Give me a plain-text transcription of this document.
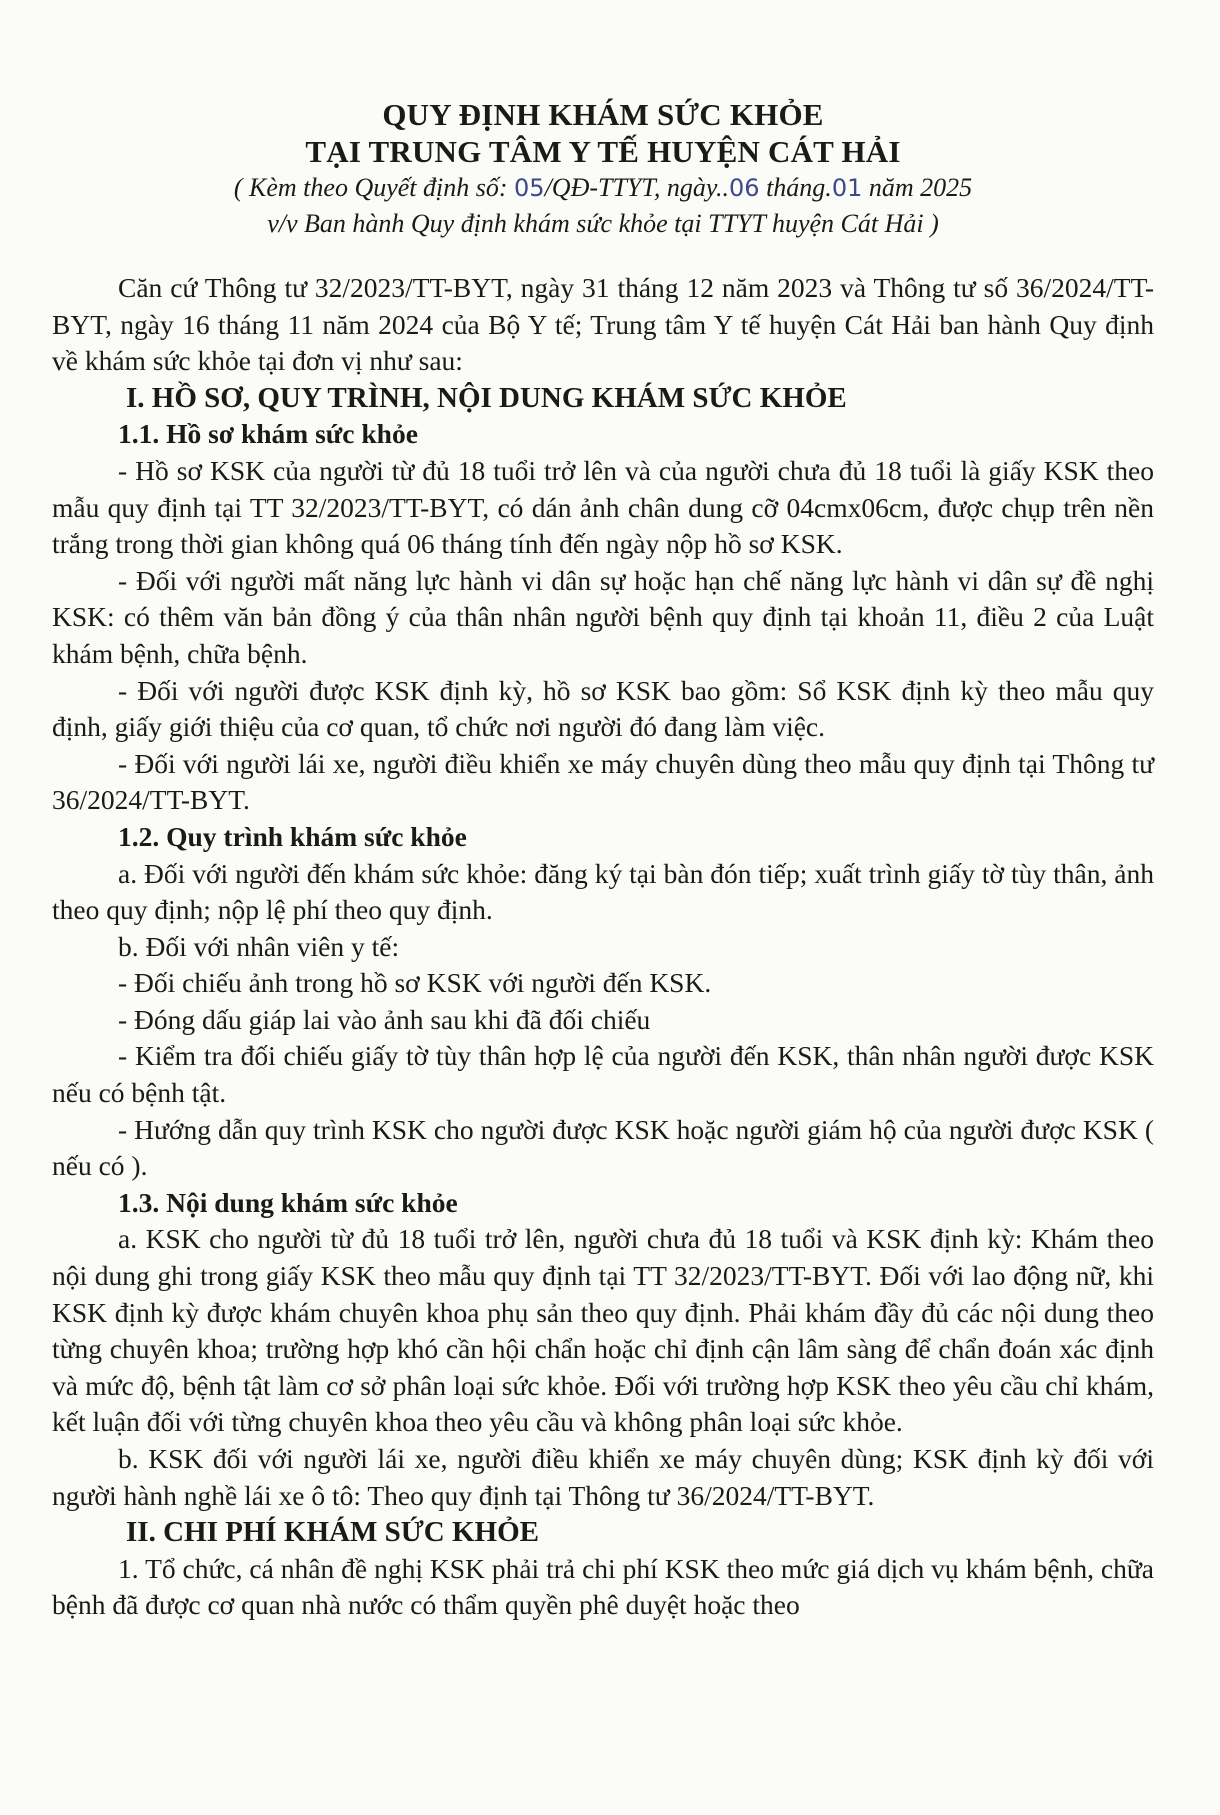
QUY ĐỊNH KHÁM SỨC KHỎE

TẠI TRUNG TÂM Y TẾ HUYỆN CÁT HẢI

( Kèm theo Quyết định số: 05/QĐ-TTYT, ngày..06 tháng.01 năm 2025

v/v Ban hành Quy định khám sức khỏe tại TTYT huyện Cát Hải )

Căn cứ Thông tư 32/2023/TT-BYT, ngày 31 tháng 12 năm 2023 và Thông tư số 36/2024/TT-BYT, ngày 16 tháng 11 năm 2024 của Bộ Y tế; Trung tâm Y tế huyện Cát Hải ban hành Quy định về khám sức khỏe tại đơn vị như sau:

I. HỒ SƠ, QUY TRÌNH, NỘI DUNG KHÁM SỨC KHỎE

1.1. Hồ sơ khám sức khỏe

- Hồ sơ KSK của người từ đủ 18 tuổi trở lên và của người chưa đủ 18 tuổi là giấy KSK theo mẫu quy định tại TT 32/2023/TT-BYT, có dán ảnh chân dung cỡ 04cmx06cm, được chụp trên nền trắng trong thời gian không quá 06 tháng tính đến ngày nộp hồ sơ KSK.

- Đối với người mất năng lực hành vi dân sự hoặc hạn chế năng lực hành vi dân sự đề nghị KSK: có thêm văn bản đồng ý của thân nhân người bệnh quy định tại khoản 11, điều 2 của Luật khám bệnh, chữa bệnh.

- Đối với người được KSK định kỳ, hồ sơ KSK bao gồm: Sổ KSK định kỳ theo mẫu quy định, giấy giới thiệu của cơ quan, tổ chức nơi người đó đang làm việc.

- Đối với người lái xe, người điều khiển xe máy chuyên dùng theo mẫu quy định tại Thông tư 36/2024/TT-BYT.

1.2. Quy trình khám sức khỏe

a. Đối với người đến khám sức khỏe: đăng ký tại bàn đón tiếp; xuất trình giấy tờ tùy thân, ảnh theo quy định; nộp lệ phí theo quy định.

b. Đối với nhân viên y tế:

- Đối chiếu ảnh trong hồ sơ KSK với người đến KSK.

- Đóng dấu giáp lai vào ảnh sau khi đã đối chiếu

- Kiểm tra đối chiếu giấy tờ tùy thân hợp lệ của người đến KSK, thân nhân người được KSK nếu có bệnh tật.

- Hướng dẫn quy trình KSK cho người được KSK hoặc người giám hộ của người được KSK ( nếu có ).

1.3. Nội dung khám sức khỏe

a. KSK cho người từ đủ 18 tuổi trở lên, người chưa đủ 18 tuổi và KSK định kỳ: Khám theo nội dung ghi trong giấy KSK theo mẫu quy định tại TT 32/2023/TT-BYT. Đối với lao động nữ, khi KSK định kỳ được khám chuyên khoa phụ sản theo quy định. Phải khám đầy đủ các nội dung theo từng chuyên khoa; trường hợp khó cần hội chẩn hoặc chỉ định cận lâm sàng để chẩn đoán xác định và mức độ, bệnh tật làm cơ sở phân loại sức khỏe. Đối với trường hợp KSK theo yêu cầu chỉ khám, kết luận đối với từng chuyên khoa theo yêu cầu và không phân loại sức khỏe.

b. KSK đối với người lái xe, người điều khiển xe máy chuyên dùng; KSK định kỳ đối với người hành nghề lái xe ô tô: Theo quy định tại Thông tư 36/2024/TT-BYT.

II. CHI PHÍ KHÁM SỨC KHỎE

1. Tổ chức, cá nhân đề nghị KSK phải trả chi phí KSK theo mức giá dịch vụ khám bệnh, chữa bệnh đã được cơ quan nhà nước có thẩm quyền phê duyệt hoặc theo
